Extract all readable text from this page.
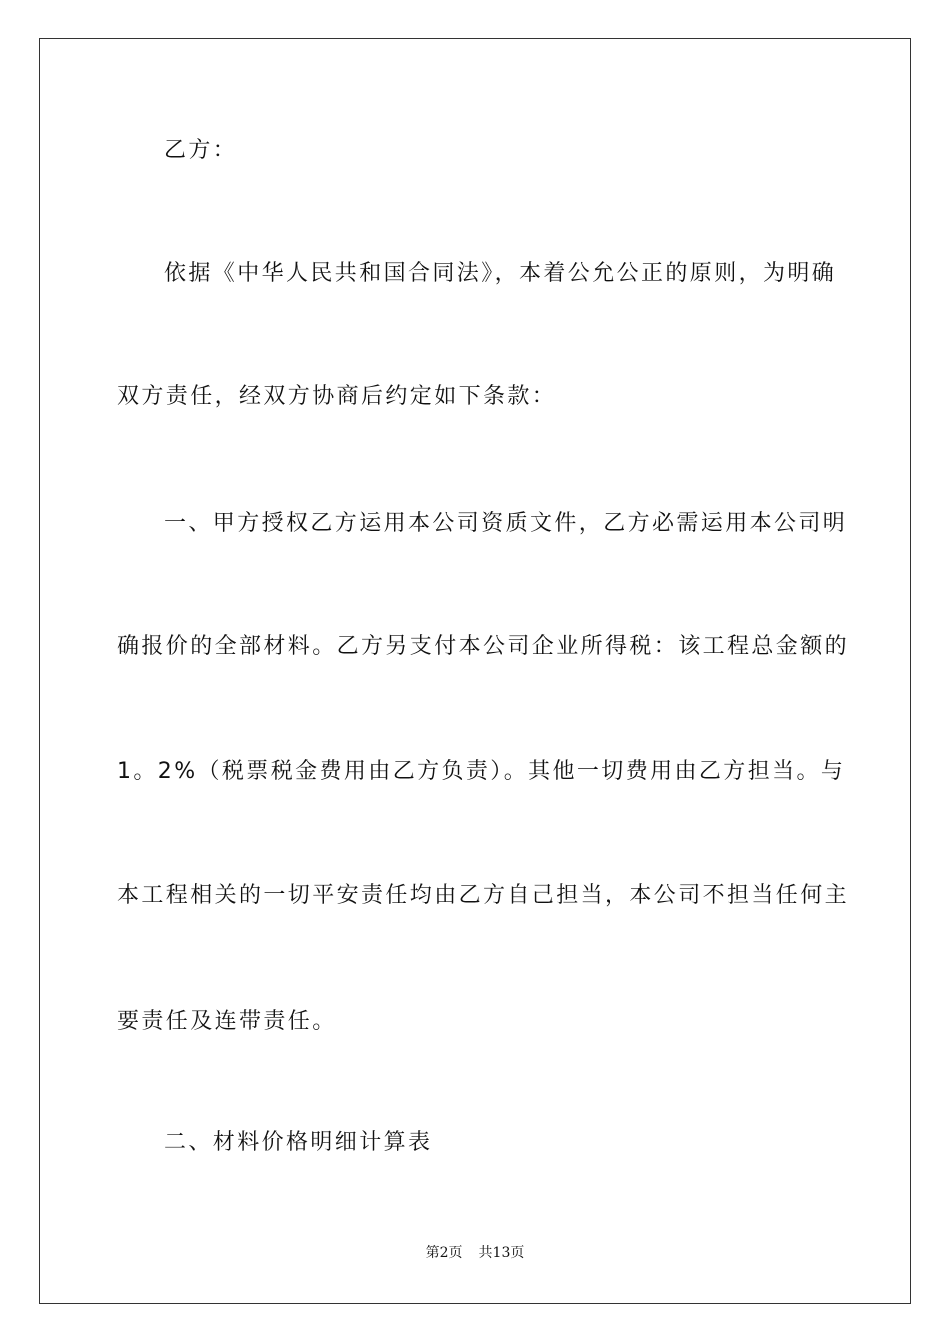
乙方：
依据《中华人民共和国合同法》，本着公允公正的原则，为明确
双方责任，经双方协商后约定如下条款：
一、甲方授权乙方运用本公司资质文件，乙方必需运用本公司明
确报价的全部材料。乙方另支付本公司企业所得税：该工程总金额的
1。2%（税票税金费用由乙方负责）。其他一切费用由乙方担当。与
本工程相关的一切平安责任均由乙方自己担当，本公司不担当任何主
要责任及连带责任。
二、材料价格明细计算表
第2页 共13页
